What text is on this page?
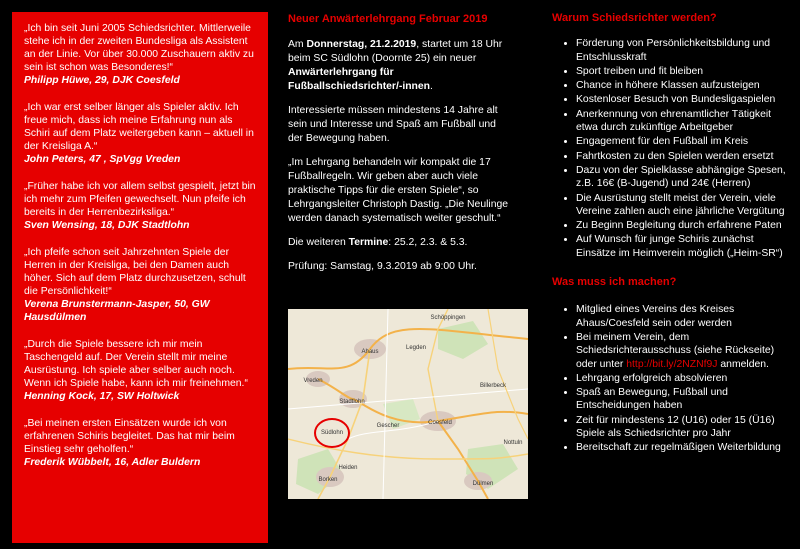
„Ich bin seit Juni 2005 Schiedsrichter. Mittlerweile stehe ich in der zweiten Bundesliga als Assistent an der Linie. Vor über 30.000 Zuschauern aktiv zu sein ist schon was Besonderes!“
Philipp Hüwe, 29, DJK Coesfeld
„Ich war erst selber länger als Spieler aktiv. Ich freue mich, dass ich meine Erfahrung nun als Schiri auf dem Platz weitergeben kann – aktuell in der Kreisliga A.“
John Peters, 47 , SpVgg Vreden
„Früher habe ich vor allem selbst gespielt, jetzt bin ich mehr zum Pfeifen gewechselt. Nun pfeife ich bereits in der Herrenbezirksliga.“
Sven Wensing, 18, DJK Stadtlohn
„Ich pfeife schon seit Jahrzehnten Spiele der Herren in der Kreisliga, bei den Damen auch höher. Sich auf dem Platz durchzusetzen, schult die Persönlichkeit!“
Verena Brunstermann-Jasper, 50, GW Hausdülmen
„Durch die Spiele bessere ich mir mein Taschengeld auf. Der Verein stellt mir meine Ausrüstung. Ich spiele aber selber auch noch. Wenn ich Spiele habe, kann ich mir freinehmen.“
Henning Kock, 17, SW Holtwick
„Bei meinen ersten Einsätzen wurde ich von erfahrenen Schiris begleitet. Das hat mir beim Einstieg sehr geholfen.“
Frederik Wübbelt, 16, Adler Buldern
Neuer Anwärterlehrgang Februar 2019

Am Donnerstag, 21.2.2019, startet um 18 Uhr beim SC Südlohn (Doornte 25) ein neuer Anwärterlehrgang für Fußballschiedsrichter/-innen.

Interessierte müssen mindestens 14 Jahre alt sein und Interesse und Spaß am Fußball und der Bewegung haben.

„Im Lehrgang behandeln wir kompakt die 17 Fußballregeln. Wir geben aber auch viele praktische Tipps für die ersten Spiele“, so Lehrgangsleiter Christoph Dastig. „Die Neulinge werden danach systematisch weiter geschult.“

Die weiteren Termine: 25.2, 2.3. & 5.3.

Prüfung: Samstag, 9.3.2019 ab 9:00 Uhr.

Ahaus
Vreden
Stadtlohn
Südlohn
Gescher	Coesfeld
Borken
Dülmen
Schöppingen
Billerbeck
Nottuln
Heiden
Legden
Warum Schiedsrichter werden?
• Förderung von Persönlichkeitsbildung und Entschlusskraft
• Sport treiben und fit bleiben
• Chance in höhere Klassen aufzusteigen
• Kostenloser Besuch von Bundesligaspielen
• Anerkennung von ehrenamtlicher Tätigkeit etwa durch zukünftige Arbeitgeber
• Engagement für den Fußball im Kreis
• Fahrtkosten zu den Spielen werden ersetzt
• Dazu von der Spielklasse abhängige Spesen, z.B. 16€ (B-Jugend) und 24€ (Herren)
• Die Ausrüstung stellt meist der Verein, viele Vereine zahlen auch eine jährliche Vergütung
• Zu Beginn Begleitung durch erfahrene Paten
• Auf Wunsch für junge Schiris zunächst Einsätze im Heimverein möglich („Heim-SR“)
Was muss ich machen?
• Mitglied eines Vereins des Kreises Ahaus/Coesfeld sein oder werden
• Bei meinem Verein, dem Schiedsrichterausschuss (siehe Rückseite) oder unter http://bit.ly/2NZNf9J anmelden.
• Lehrgang erfolgreich absolvieren
• Spaß an Bewegung, Fußball und Entscheidungen haben
• Zeit für mindestens 12 (U16) oder 15 (Ü16) Spiele als Schiedsrichter pro Jahr
• Bereitschaft zur regelmäßigen Weiterbildung
